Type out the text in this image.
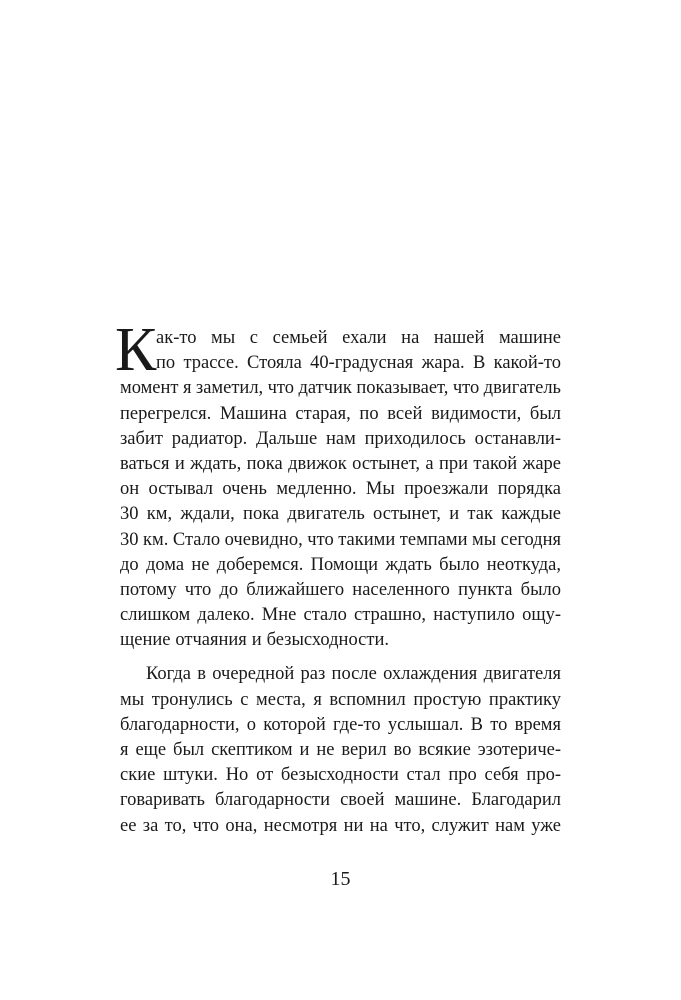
К ак-то мы с семьей ехали на нашей машине
по трассе. Стояла 40-градусная жара. В какой-то
момент я заметил, что датчик показывает, что двигатель
перегрелся. Машина старая, по всей видимости, был
забит радиатор. Дальше нам приходилось останавли-
ваться и ждать, пока движок остынет, а при такой жаре
он остывал очень медленно. Мы проезжали порядка
30 км, ждали, пока двигатель остынет, и так каждые
30 км. Стало очевидно, что такими темпами мы сегодня
до дома не доберемся. Помощи ждать было неоткуда,
потому что до ближайшего населенного пункта было
слишком далеко. Мне стало страшно, наступило ощу-
щение отчаяния и безысходности.
Когда в очередной раз после охлаждения двигателя
мы тронулись с места, я вспомнил простую практику
благодарности, о которой где-то услышал. В то время
я еще был скептиком и не верил во всякие эзотериче-
ские штуки. Но от безысходности стал про себя про-
говаривать благодарности своей машине. Благодарил
ее за то, что она, несмотря ни на что, служит нам уже
15
